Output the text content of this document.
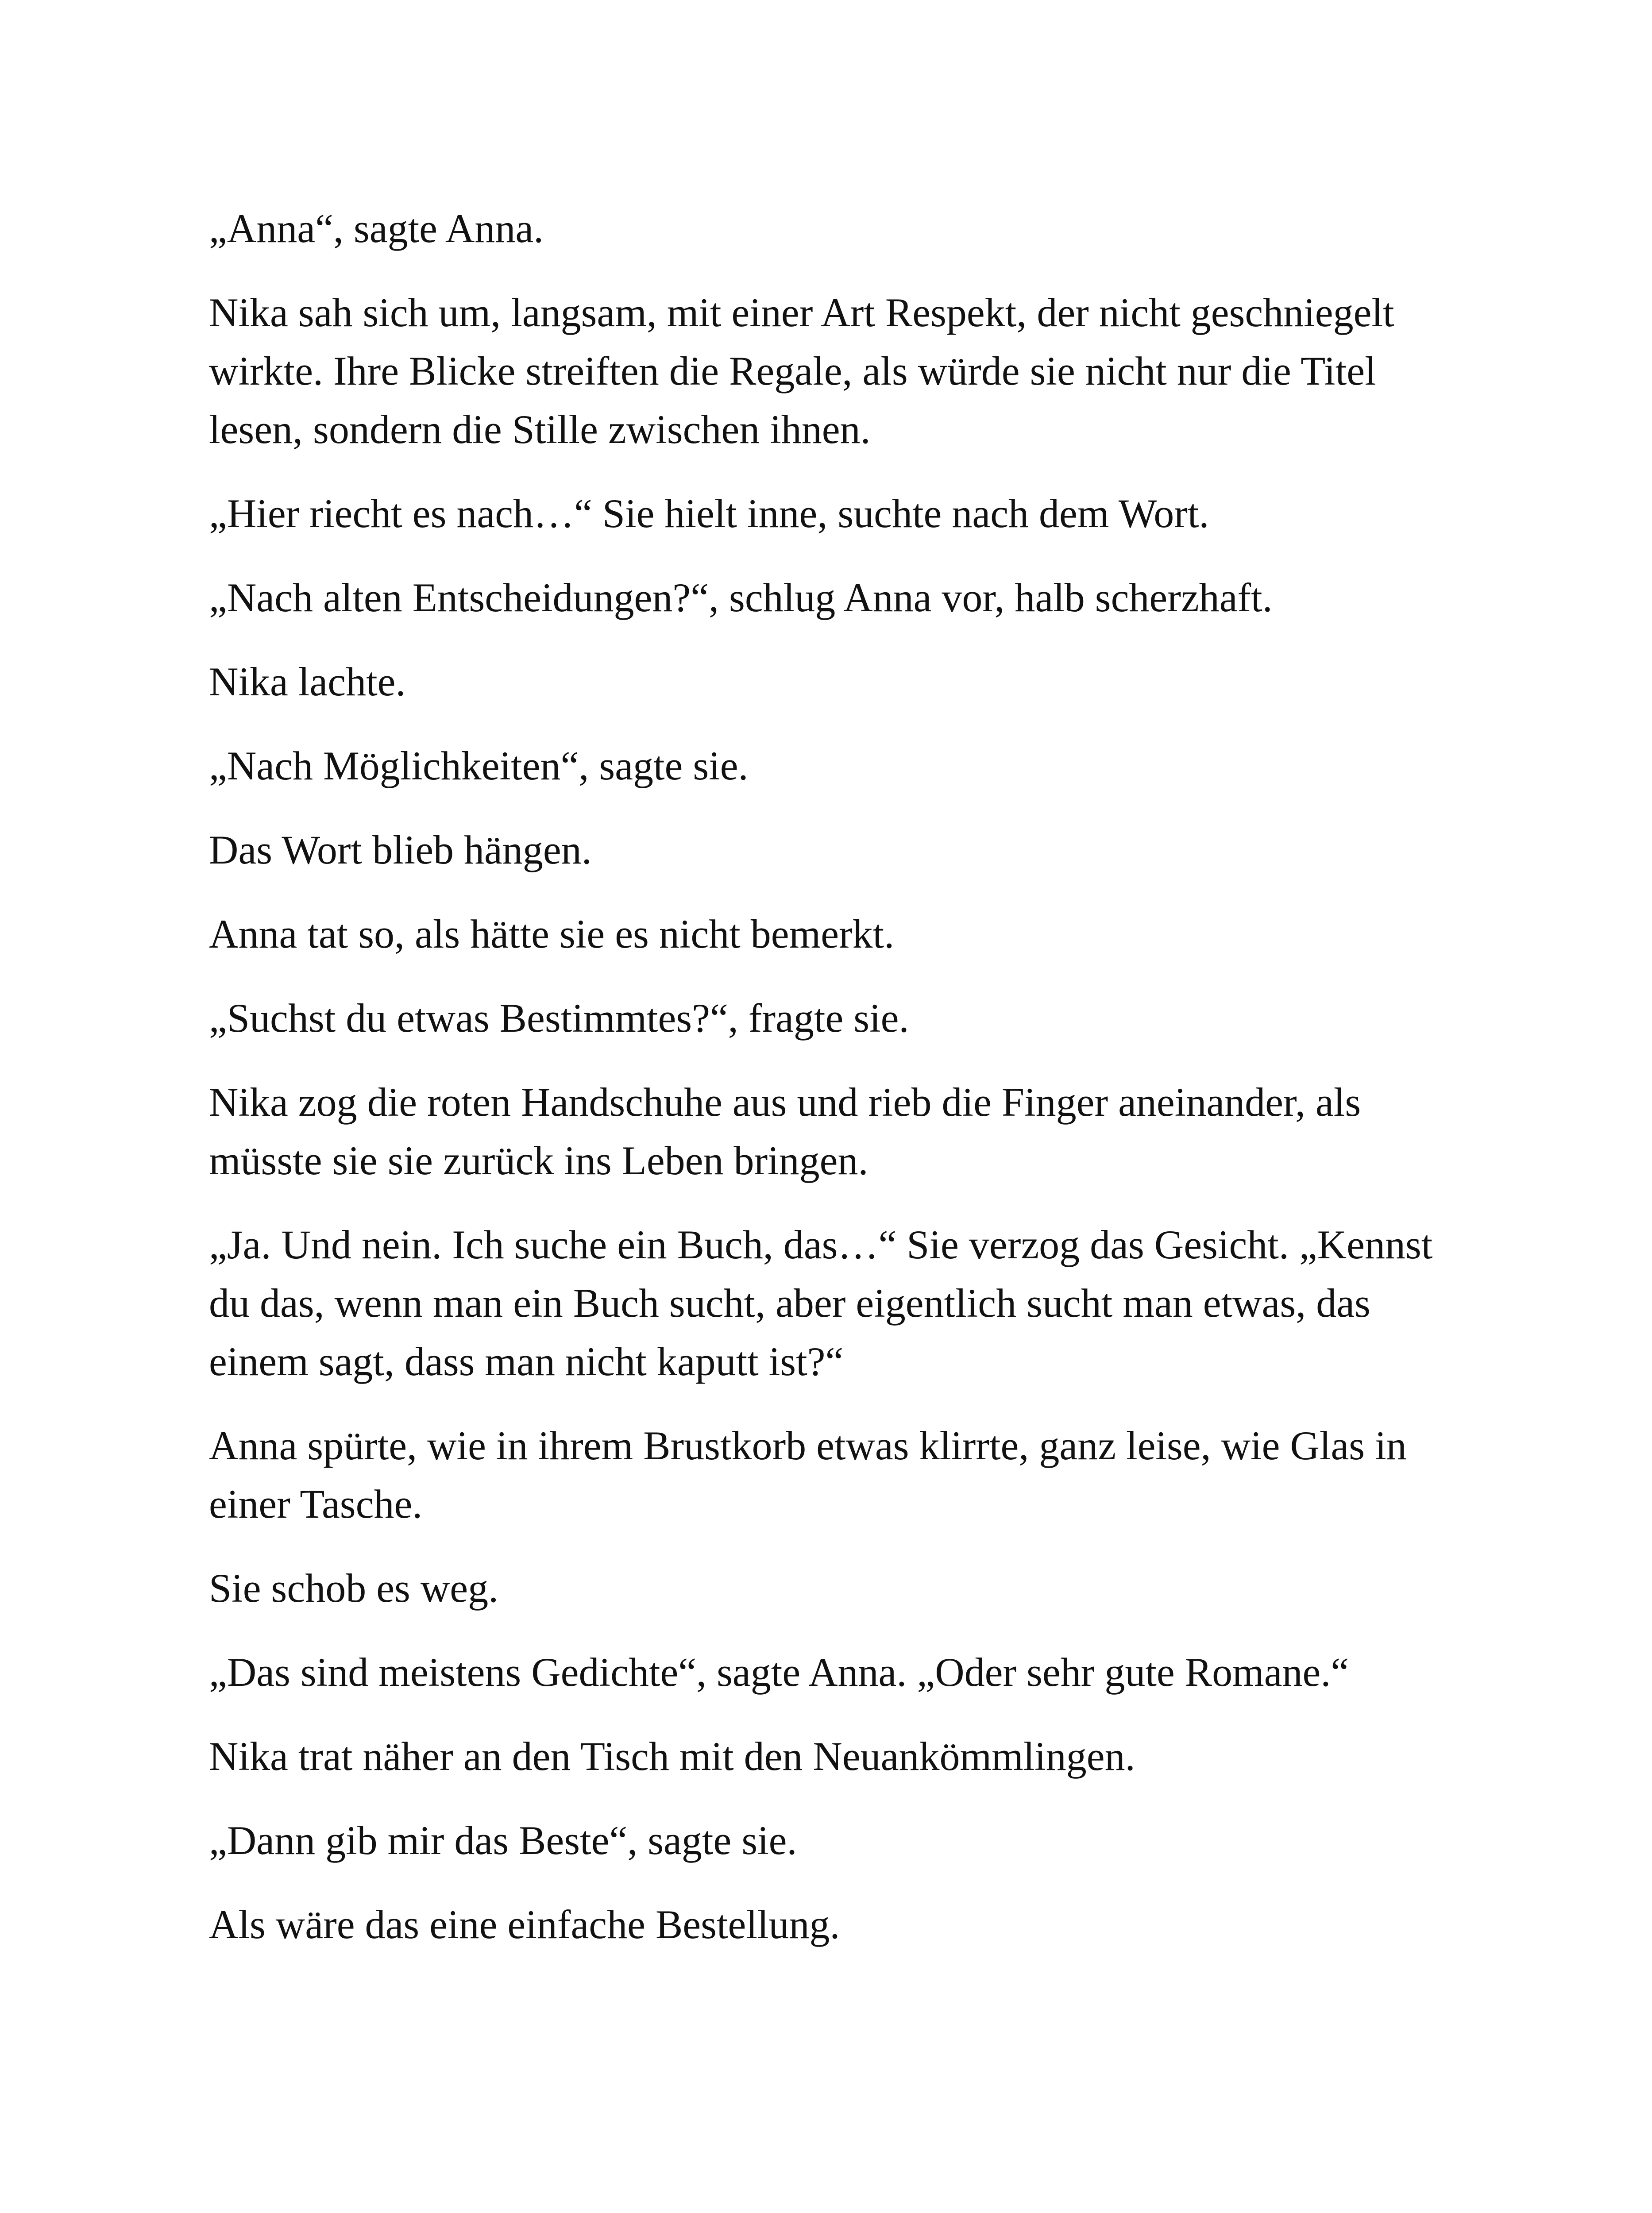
„Anna“, sagte Anna.

Nika sah sich um, langsam, mit einer Art Respekt, der nicht geschniegelt wirkte. Ihre Blicke streiften die Regale, als würde sie nicht nur die Titel lesen, sondern die Stille zwischen ihnen.

„Hier riecht es nach…“ Sie hielt inne, suchte nach dem Wort.

„Nach alten Entscheidungen?“, schlug Anna vor, halb scherzhaft.

Nika lachte.

„Nach Möglichkeiten“, sagte sie.

Das Wort blieb hängen.

Anna tat so, als hätte sie es nicht bemerkt.

„Suchst du etwas Bestimmtes?“, fragte sie.

Nika zog die roten Handschuhe aus und rieb die Finger aneinander, als müsste sie sie zurück ins Leben bringen.

„Ja. Und nein. Ich suche ein Buch, das…“ Sie verzog das Gesicht. „Kennst du das, wenn man ein Buch sucht, aber eigentlich sucht man etwas, das einem sagt, dass man nicht kaputt ist?“

Anna spürte, wie in ihrem Brustkorb etwas klirrte, ganz leise, wie Glas in einer Tasche.

Sie schob es weg.

„Das sind meistens Gedichte“, sagte Anna. „Oder sehr gute Romane.“

Nika trat näher an den Tisch mit den Neuankömmlingen.

„Dann gib mir das Beste“, sagte sie.

Als wäre das eine einfache Bestellung.
